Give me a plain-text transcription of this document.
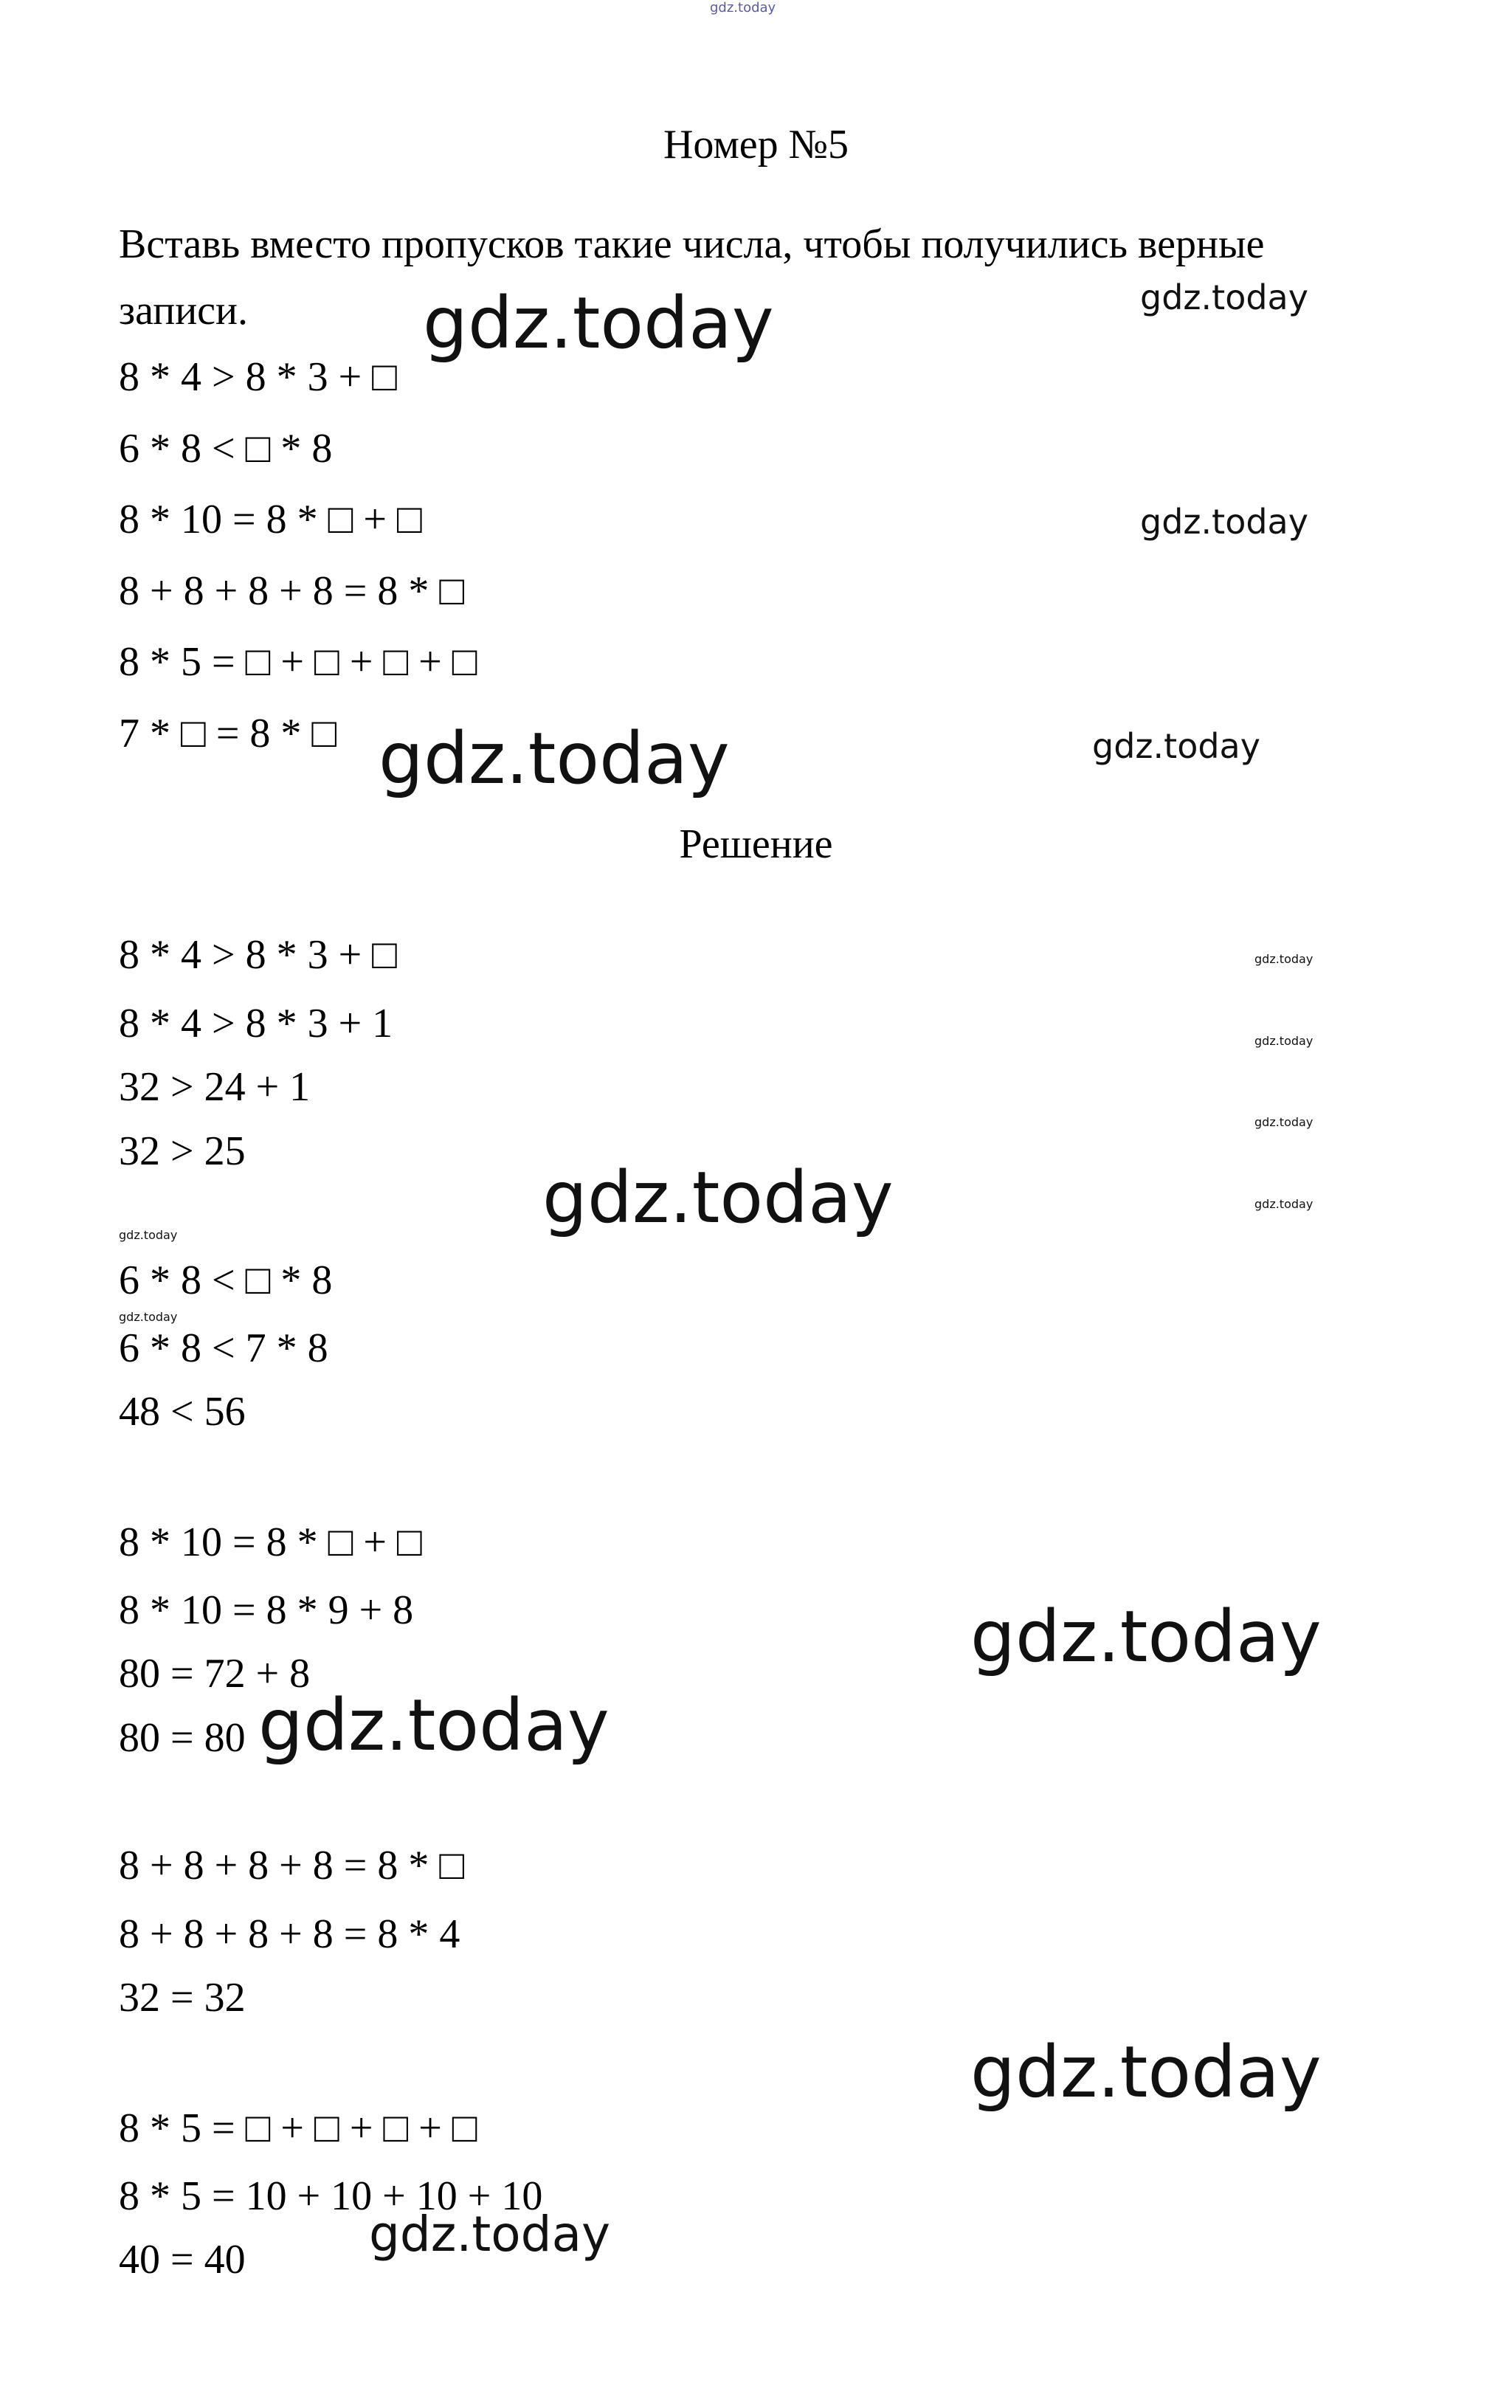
gdz.today
Номер №5
Вставь вместо пропусков такие числа, чтобы получились верные
записи.
8 * 4 > 8 * 3 + □
6 * 8 < □ * 8
8 * 10 = 8 * □ + □
8 + 8 + 8 + 8 = 8 * □
8 * 5 = □ + □ + □ + □
7 * □ = 8 * □
Решение
8 * 4 > 8 * 3 + □
8 * 4 > 8 * 3 + 1
32 > 24 + 1
32 > 25
6 * 8 < □ * 8
6 * 8 < 7 * 8
48 < 56
8 * 10 = 8 * □ + □
8 * 10 = 8 * 9 + 8
80 = 72 + 8
80 = 80
8 + 8 + 8 + 8 = 8 * □
8 + 8 + 8 + 8 = 8 * 4
32 = 32
8 * 5 = □ + □ + □ + □
8 * 5 = 10 + 10 + 10 + 10
40 = 40
gdz.today	gdz.today
gdz.today
gdz.today	gdz.today
gdz.today
gdz.today
gdz.today
gdz.today
gdz.today
gdz.today
gdz.today
gdz.today
gdz.today
gdz.today
gdz.today
